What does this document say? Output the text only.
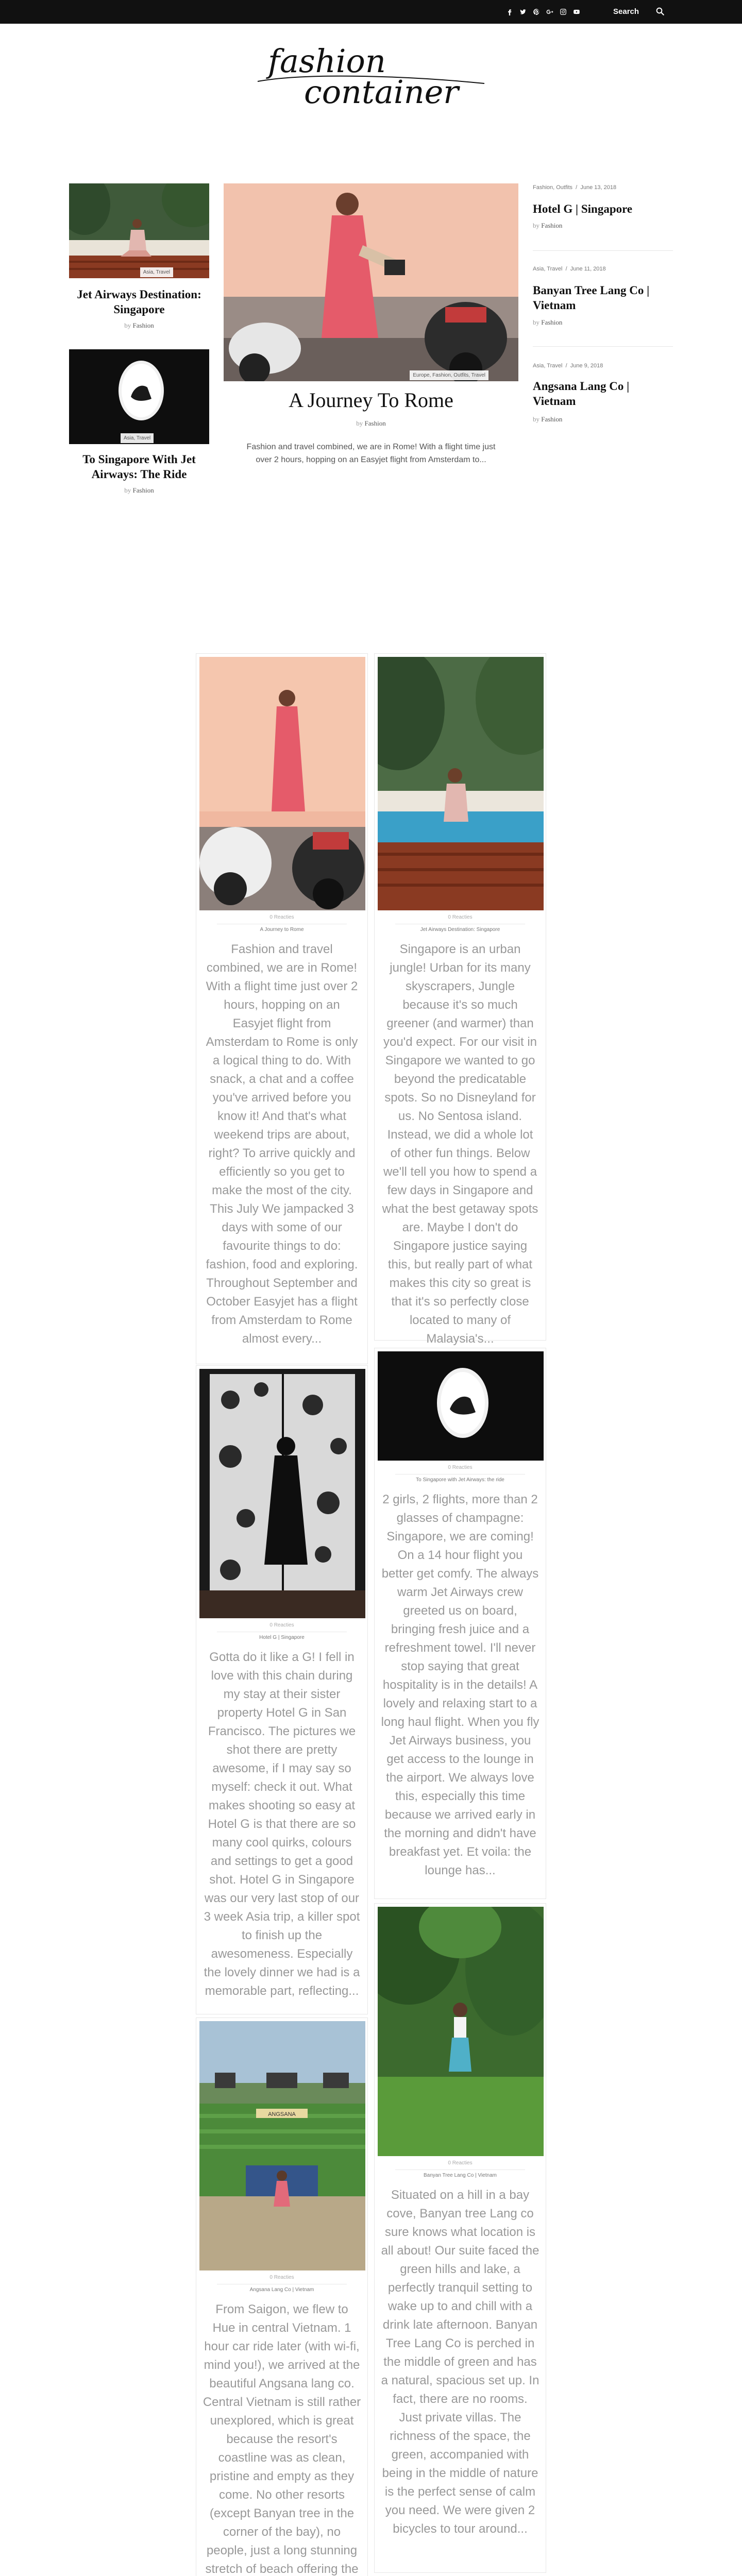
Search
fashion
container
Asia, Travel
Jet Airways Destination: Singapore
by Fashion
Asia, Travel
To Singapore With Jet Airways: The Ride
by Fashion
Europe, Fashion, Outfits, Travel
A Journey To Rome
by Fashion
Fashion and travel combined, we are in Rome! With a flight time just over 2 hours, hopping on an Easyjet flight from Amsterdam to...
Fashion, Outfits  /  June 13, 2018
Hotel G | Singapore
by Fashion
Asia, Travel  /  June 11, 2018
Banyan Tree Lang Co | Vietnam
by Fashion
Asia, Travel  /  June 9, 2018
Angsana Lang Co | Vietnam
by Fashion
0 Reacties
A Journey to Rome
Fashion and travel combined, we are in Rome! With a flight time just over 2 hours, hopping on an Easyjet flight from Amsterdam to Rome is only a logical thing to do. With snack, a chat and a coffee you've arrived before you know it! And that's what weekend trips are about, right? To arrive quickly and efficiently so you get to make the most of the city. This July We jampacked 3 days with some of our favourite things to do: fashion, food and exploring. Throughout September and October Easyjet has a flight from Amsterdam to Rome almost every...
0 Reacties
Jet Airways Destination: Singapore
Singapore is an urban jungle! Urban for its many skyscrapers, Jungle because it's so much greener (and warmer) than you'd expect. For our visit in Singapore we wanted to go beyond the predicatable spots. So no Disneyland for us. No Sentosa island. Instead, we did a whole lot of other fun things. Below we'll tell you how to spend a few days in Singapore and what the best getaway spots are. Maybe I don't do Singapore justice saying this, but really part of what makes this city so great is that it's so perfectly close located to many of Malaysia's...
0 Reacties
Hotel G | Singapore
Gotta do it like a G! I fell in love with this chain during my stay at their sister property Hotel G in San Francisco. The pictures we shot there are pretty awesome, if I may say so myself: check it out. What makes shooting so easy at Hotel G is that there are so many cool quirks, colours and settings to get a good shot. Hotel G in Singapore was our very last stop of our 3 week Asia trip, a killer spot to finish up the awesomeness. Especially the lovely dinner we had is a memorable part, reflecting...
0 Reacties
To Singapore with Jet Airways: the ride
2 girls, 2 flights, more than 2 glasses of champagne: Singapore, we are coming! On a 14 hour flight you better get comfy. The always warm Jet Airways crew greeted us on board, bringing fresh juice and a refreshment towel. I'll never stop saying that great hospitality is in the details! A lovely and relaxing start to a long haul flight. When you fly Jet Airways business, you get access to the lounge in the airport. We always love this, especially this time because we arrived early in the morning and didn't have breakfast yet. Et voila: the lounge has...
0 Reacties
Banyan Tree Lang Co | Vietnam
Situated on a hill in a bay cove, Banyan tree Lang co sure knows what location is all about! Our suite faced the green hills and lake, a perfectly tranquil setting to wake up to and chill with a drink late afternoon. Banyan Tree Lang Co is perched in the middle of green and has a natural, spacious set up. In fact, there are no rooms. Just private villas. The richness of the space, the green, accompanied with being in the middle of nature is the perfect sense of calm you need. We were given 2 bicycles to tour around...
ANGSANA
0 Reacties
Angsana Lang Co | Vietnam
From Saigon, we flew to Hue in central Vietnam. 1 hour car ride later (with wi-fi, mind you!), we arrived at the beautiful Angsana lang co. Central Vietnam is still rather unexplored, which is great because the resort's coastline was as clean, pristine and empty as they come. No other resorts (except Banyan tree in the corner of the bay), no people, just a long stunning stretch of beach offering the
